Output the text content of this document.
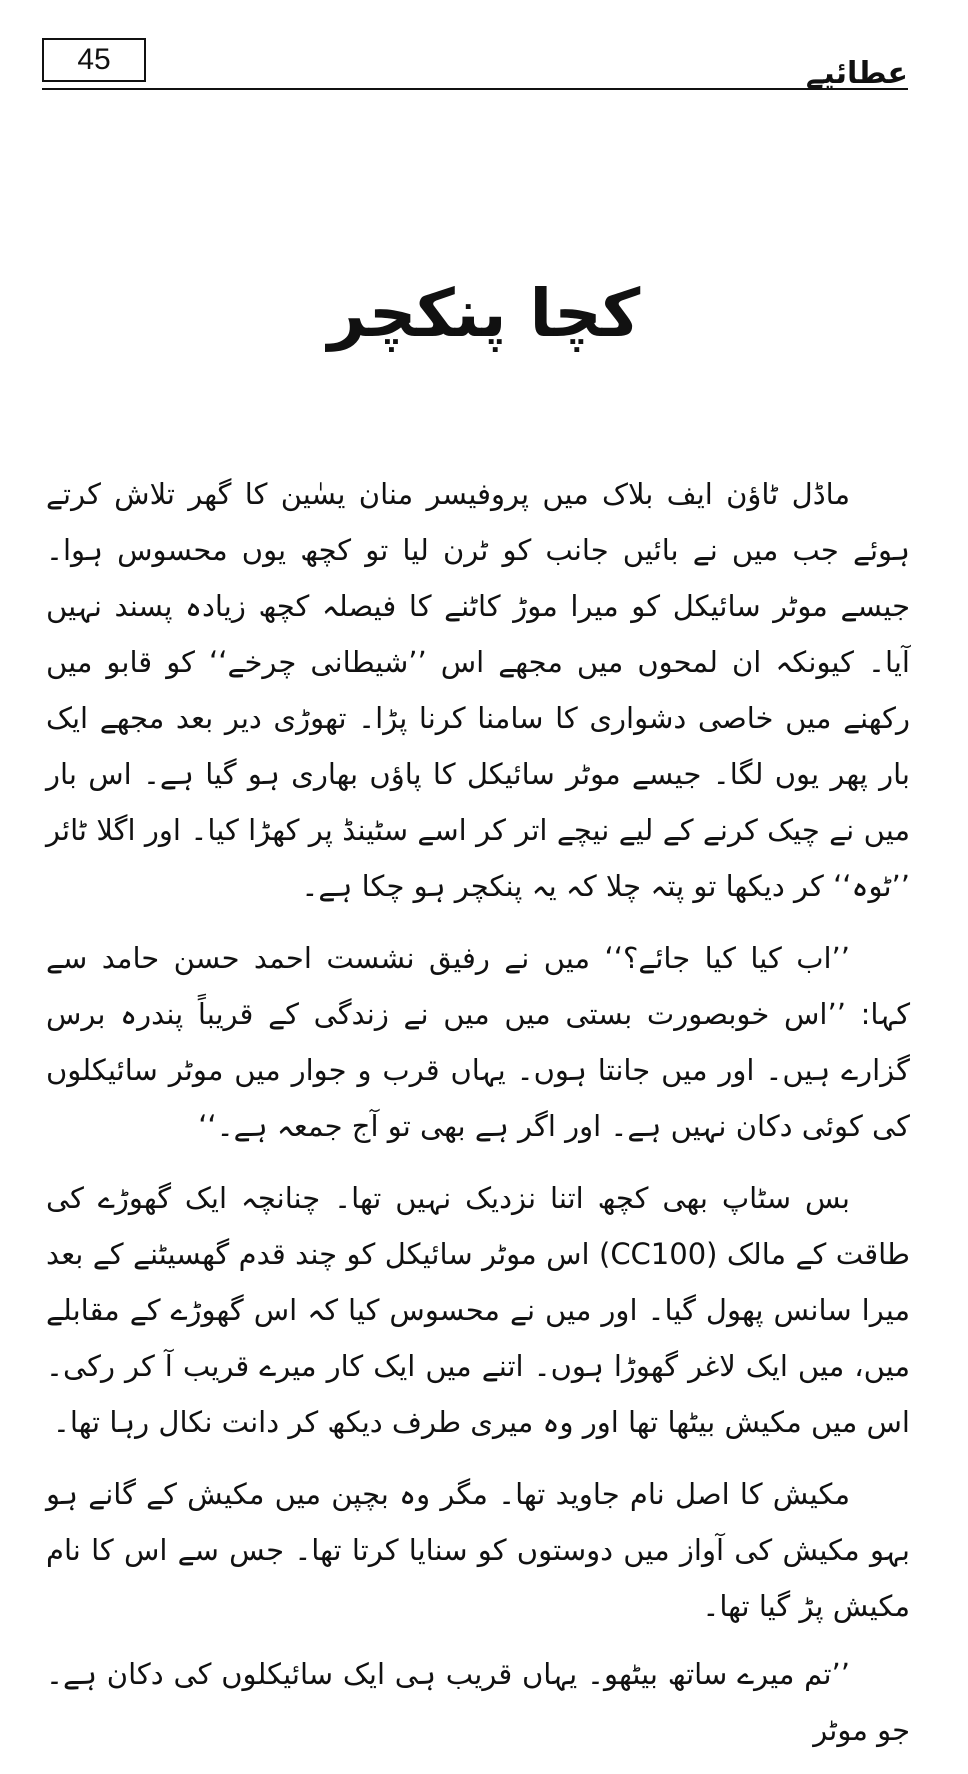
45	عطائیے
کچا پنکچر

ماڈل ٹاؤن ایف بلاک میں پروفیسر منان یسٰین کا گھر تلاش کرتے ہوئے جب میں نے بائیں جانب کو ٹرن لیا تو کچھ یوں محسوس ہوا۔ جیسے موٹر سائیکل کو میرا موڑ کاٹنے کا فیصلہ کچھ زیادہ پسند نہیں آیا۔ کیونکہ ان لمحوں میں مجھے اس ’’شیطانی چرخے‘‘ کو قابو میں رکھنے میں خاصی دشواری کا سامنا کرنا پڑا۔ تھوڑی دیر بعد مجھے ایک بار پھر یوں لگا۔ جیسے موٹر سائیکل کا پاؤں بھاری ہو گیا ہے۔ اس بار میں نے چیک کرنے کے لیے نیچے اتر کر اسے سٹینڈ پر کھڑا کیا۔ اور اگلا ٹائر ’’ٹوہ‘‘ کر دیکھا تو پتہ چلا کہ یہ پنکچر ہو چکا ہے۔

’’اب کیا کیا جائے؟‘‘ میں نے رفیق نشست احمد حسن حامد سے کہا: ’’اس خوبصورت بستی میں میں نے زندگی کے قریباً پندرہ برس گزارے ہیں۔ اور میں جانتا ہوں۔ یہاں قرب و جوار میں موٹر سائیکلوں کی کوئی دکان نہیں ہے۔ اور اگر ہے بھی تو آج جمعہ ہے۔‘‘

بس سٹاپ بھی کچھ اتنا نزدیک نہیں تھا۔ چنانچہ ایک گھوڑے کی طاقت کے مالک (CC100) اس موٹر سائیکل کو چند قدم گھسیٹنے کے بعد میرا سانس پھول گیا۔ اور میں نے محسوس کیا کہ اس گھوڑے کے مقابلے میں، میں ایک لاغر گھوڑا ہوں۔ اتنے میں ایک کار میرے قریب آ کر رکی۔ اس میں مکیش بیٹھا تھا اور وہ میری طرف دیکھ کر دانت نکال رہا تھا۔

مکیش کا اصل نام جاوید تھا۔ مگر وہ بچپن میں مکیش کے گانے ہو بہو مکیش کی آواز میں دوستوں کو سنایا کرتا تھا۔ جس سے اس کا نام مکیش پڑ گیا تھا۔

’’تم میرے ساتھ بیٹھو۔ یہاں قریب ہی ایک سائیکلوں کی دکان ہے۔ جو موٹر
